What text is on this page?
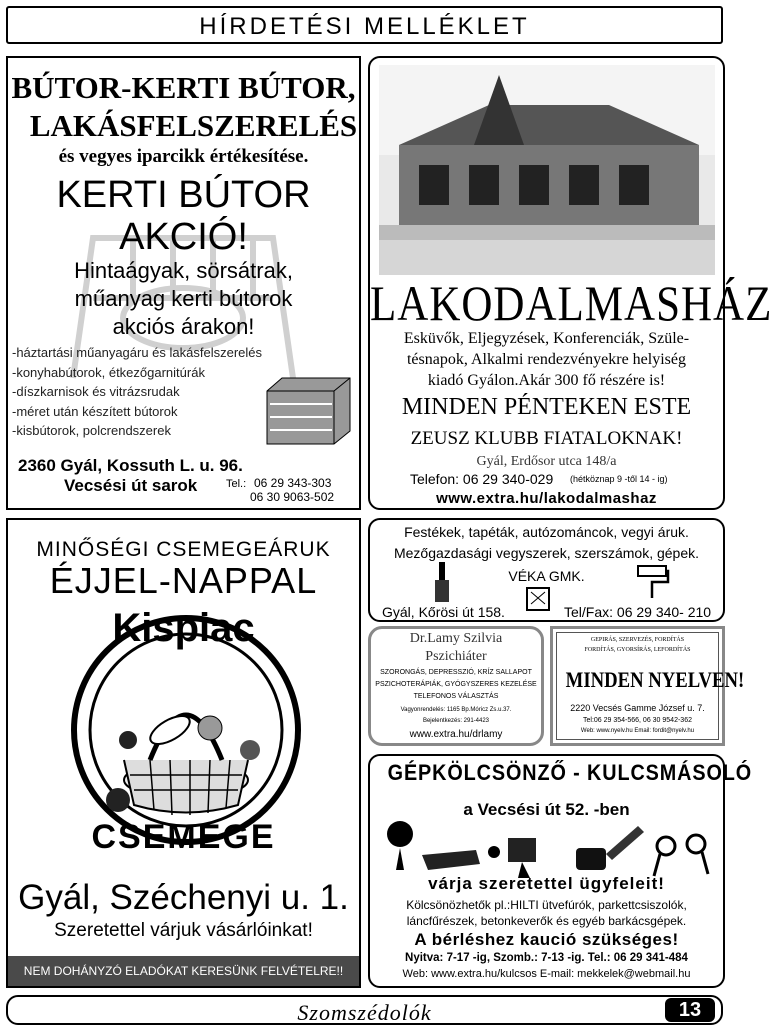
HÍRDETÉSI MELLÉKLET
BÚTOR-KERTI BÚTOR,
LAKÁSFELSZERELÉS
és vegyes iparcikk értékesítése.
KERTI BÚTOR
AKCIÓ!
Hintaágyak, sörsátrak,
műanyag kerti bútorok
akciós árakon!
-háztartási műanyagáru és lakásfelszerelés
-konyhabútorok, étkezőgarnitúrák
-díszkarnisok és vitrázsrudak
-méret után készített bútorok
-kisbútorok, polcrendszerek
2360 Gyál, Kossuth L. u. 96.
Vecsési út sarok	Tel.: 06 29 343-303
06 30 9063-502
LAKODALMASHÁZ
Esküvők, Eljegyzések, Konferenciák, Szüle-
tésnapok, Alkalmi rendezvényekre helyiség
kiadó Gyálon.Akár 300 fő részére is!
MINDEN PÉNTEKEN ESTE
ZEUSZ KLUBB FIATALOKNAK!
Gyál, Erdősor utca 148/a
Telefon: 06 29 340-029 (hétköznap 9 -től 14 - ig)
www.extra.hu/lakodalmashaz
MINŐSÉGI CSEMEGEÁRUK
ÉJJEL-NAPPAL
Kispiac
CSEMEGE
Gyál, Széchenyi u. 1.
Szeretettel várjuk vásárlóinkat!
NEM DOHÁNYZÓ ELADÓKAT KERESÜNK FELVÉTELRE!!
Festékek, tapéták, autózománcok, vegyi áruk.
Mezőgazdasági vegyszerek, szerszámok, gépek.
VÉKA GMK.
Gyál, Kőrösi út 158.	Tel/Fax: 06 29 340- 210
Dr.Lamy Szilvia
Pszichiáter
SZORONGÁS, DEPRESSZIÓ, KRÍZ SALLAPOT
PSZICHOTERÁPIÁK, GYÓGYSZERES KEZELÉSE
TELEFONOS VÁLASZTÁS
Vagyonrendelés: 1165 Bp.Móricz Zs.u.37.
Bejelentkezés: 291-4423
www.extra.hu/drlamy
GEPIRÁS, SZERVEZÉS, FORDÍTÁS
FORDÍTÁS, GYORSÍRÁS, LEFORDÍTÁS
MINDEN NYELVEN!
2220 Vecsés Gamme József u. 7.
Tel:06 29 354-566, 06 30 9542-362
Web: www.nyelv.hu Email: fordit@nyelv.hu
GÉPKÖLCSÖNZŐ - KULCSMÁSOLÓ
a Vecsési út 52. -ben
várja szeretettel ügyfeleit!
Kölcsönözhetők pl.:HILTI ütvefúrók, parkettcsiszolók,
láncfűrészek, betonkeverők és egyéb barkácsgépek.
A bérléshez kaució szükséges!
Nyitva: 7-17 -ig, Szomb.: 7-13 -ig. Tel.: 06 29 341-484
Web: www.extra.hu/kulcsos E-mail: mekkelek@webmail.hu
Szomszédolók	13
